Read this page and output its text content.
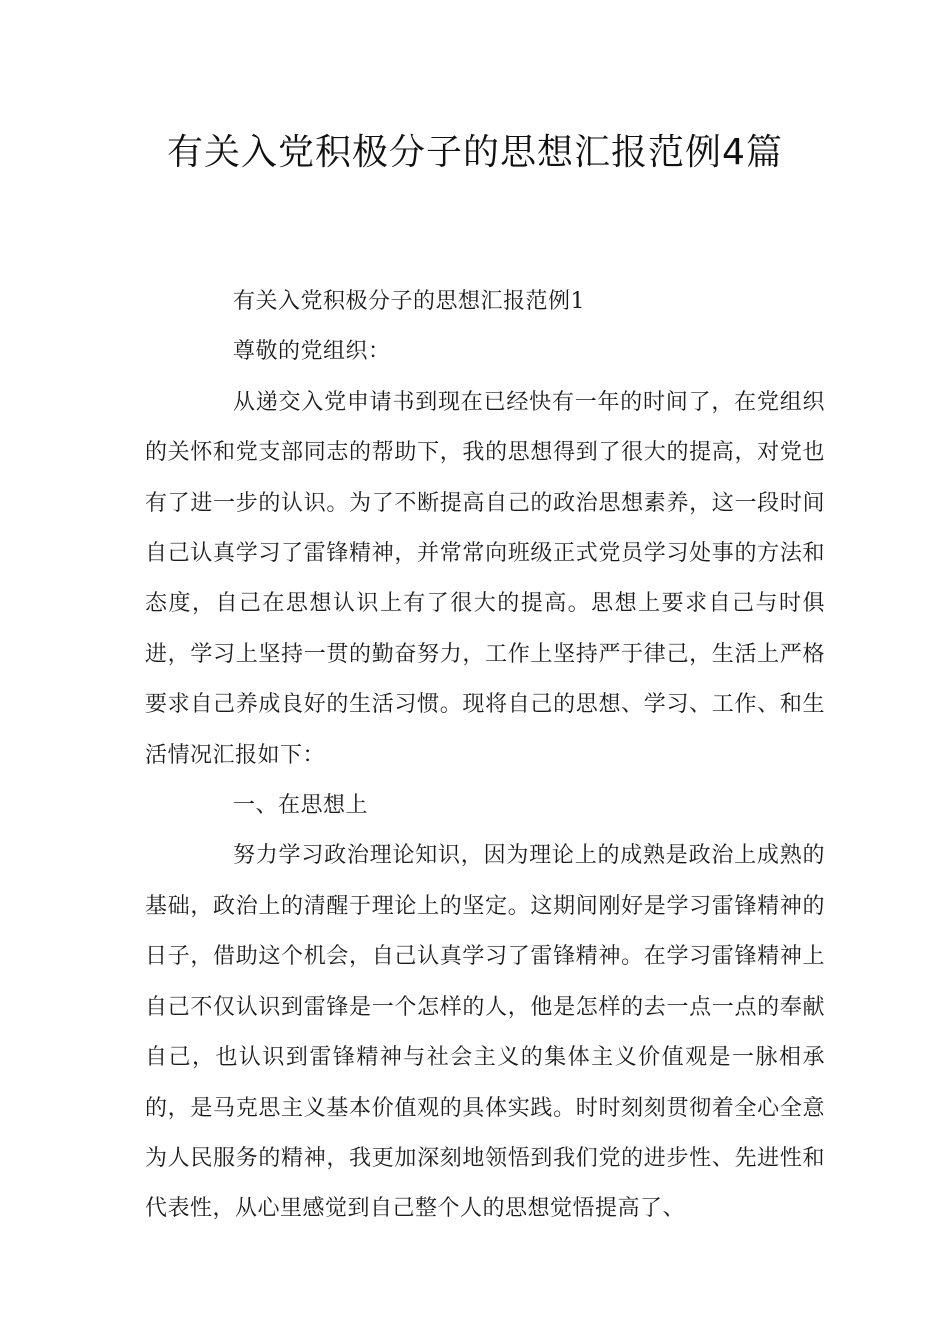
有关入党积极分子的思想汇报范例4篇

有关入党积极分子的思想汇报范例1

尊敬的党组织：

从递交入党申请书到现在已经快有一年的时间了，在党组织的关怀和党支部同志的帮助下，我的思想得到了很大的提高，对党也有了进一步的认识。为了不断提高自己的政治思想素养，这一段时间自己认真学习了雷锋精神，并常常向班级正式党员学习处事的方法和态度，自己在思想认识上有了很大的提高。思想上要求自己与时俱进，学习上坚持一贯的勤奋努力，工作上坚持严于律己，生活上严格要求自己养成良好的生活习惯。现将自己的思想、学习、工作、和生活情况汇报如下：

一、在思想上

努力学习政治理论知识，因为理论上的成熟是政治上成熟的基础，政治上的清醒于理论上的坚定。这期间刚好是学习雷锋精神的日子，借助这个机会，自己认真学习了雷锋精神。在学习雷锋精神上自己不仅认识到雷锋是一个怎样的人，他是怎样的去一点一点的奉献自己，也认识到雷锋精神与社会主义的集体主义价值观是一脉相承的，是马克思主义基本价值观的具体实践。时时刻刻贯彻着全心全意为人民服务的精神，我更加深刻地领悟到我们党的进步性、先进性和代表性，从心里感觉到自己整个人的思想觉悟提高了、
